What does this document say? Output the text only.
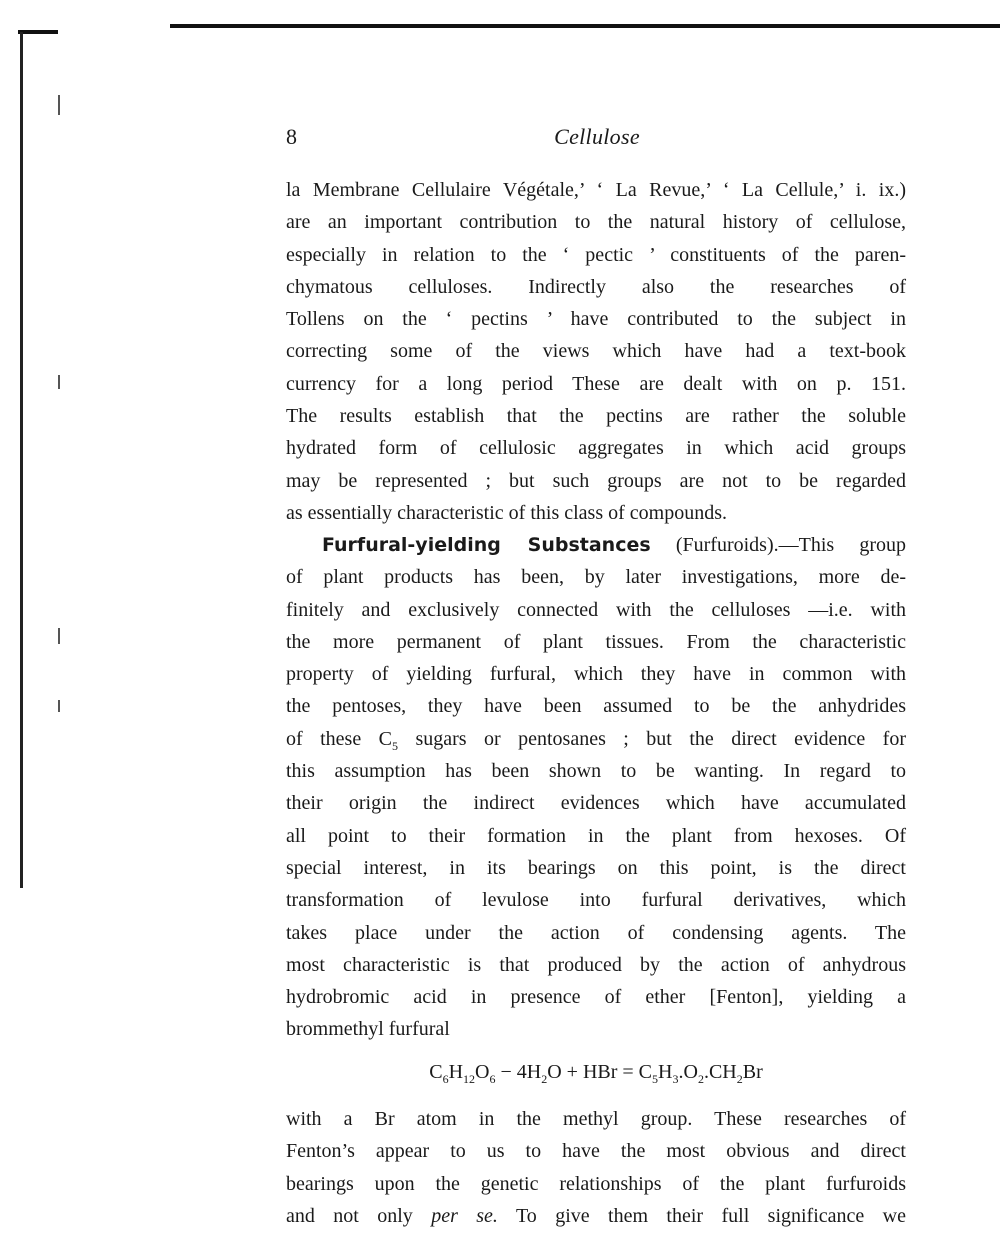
8	Cellulose
la Membrane Cellulaire Végétale,’ ‘ La Revue,’ ‘ La Cellule,’ i. ix.)
are an important contribution to the natural history of cellulose,
especially in relation to the ‘ pectic ’ constituents of the paren-
chymatous celluloses. Indirectly also the researches of
Tollens on the ‘ pectins ’ have contributed to the subject in
correcting some of the views which have had a text-book
currency for a long period These are dealt with on p. 151.
The results establish that the pectins are rather the soluble
hydrated form of cellulosic aggregates in which acid groups
may be represented ; but such groups are not to be regarded
as essentially characteristic of this class of compounds.
Furfural-yielding Substances (Furfuroids).—This group
of plant products has been, by later investigations, more de-
finitely and exclusively connected with the celluloses —i.e. with
the more permanent of plant tissues. From the characteristic
property of yielding furfural, which they have in common with
the pentoses, they have been assumed to be the anhydrides
of these $C_5$ sugars or pentosanes ; but the direct evidence for
this assumption has been shown to be wanting. In regard to
their origin the indirect evidences which have accumulated
all point to their formation in the plant from hexoses. Of
special interest, in its bearings on this point, is the direct
transformation of levulose into furfural derivatives, which
takes place under the action of condensing agents. The
most characteristic is that produced by the action of anhydrous
hydrobromic acid in presence of ether [Fenton], yielding a
brommethyl furfural
$C_6H_{12}O_6 - 4H_2O$ + HBr = $C_5H_3.O_2.CH_2Br$
with a Br atom in the methyl group. These researches of
Fenton’s appear to us to have the most obvious and direct
bearings upon the genetic relationships of the plant furfuroids
and not only per se. To give them their full significance we
